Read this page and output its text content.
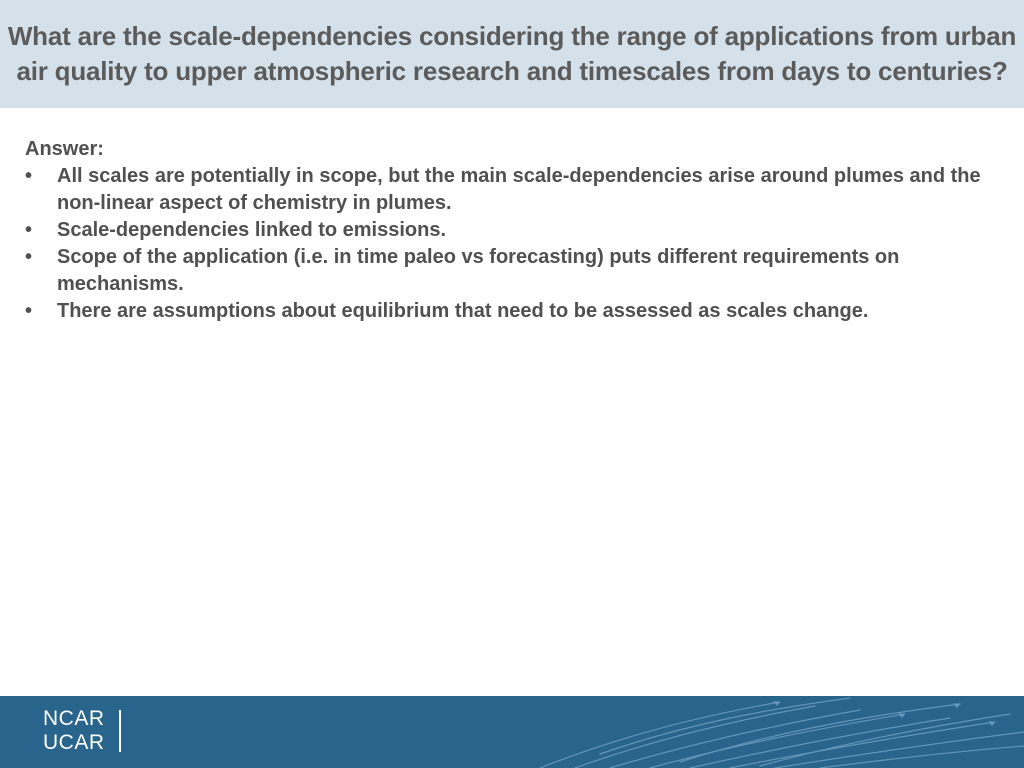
What are the scale-dependencies considering the range of applications from urban air quality to upper atmospheric research and timescales from days to centuries?

Answer:

• All scales are potentially in scope, but the main scale-dependencies arise around plumes and the non-linear aspect of chemistry in plumes.
• Scale-dependencies linked to emissions.
• Scope of the application (i.e. in time paleo vs forecasting) puts different requirements on mechanisms.
• There are assumptions about equilibrium that need to be assessed as scales change.
NCAR
UCAR
